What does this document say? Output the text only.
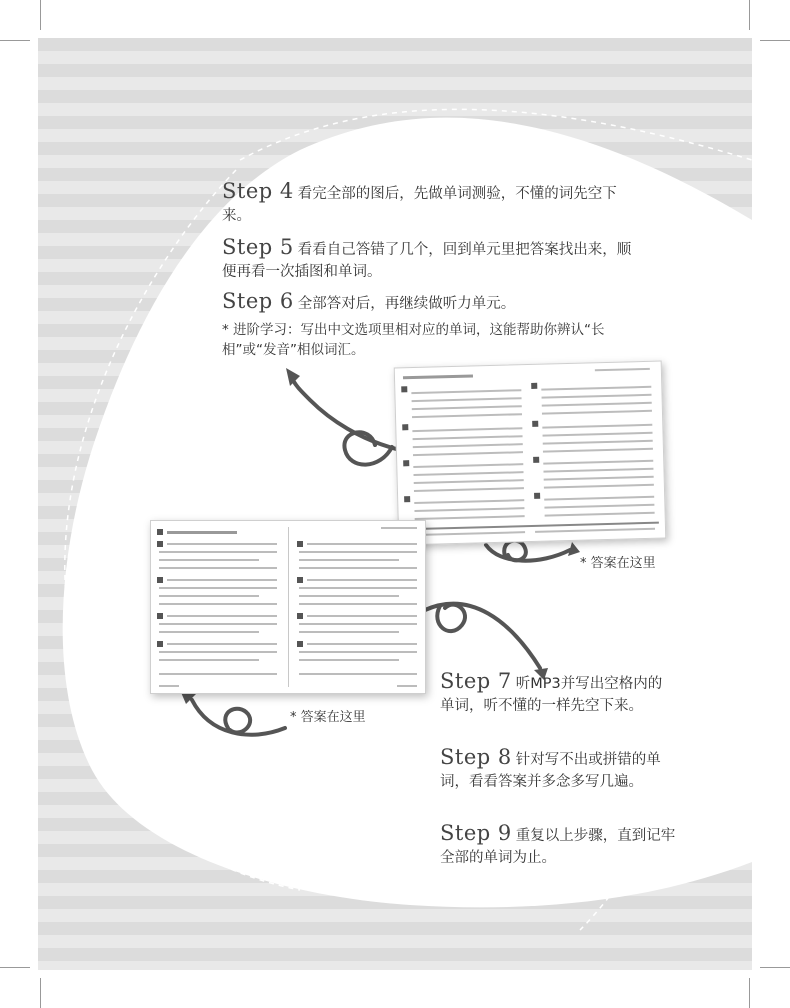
Step 4 看完全部的图后，先做单词测验，不懂的词先空下来。
Step 5 看看自己答错了几个，回到单元里把答案找出来，顺便再看一次插图和单词。
Step 6 全部答对后，再继续做听力单元。
* 进阶学习：写出中文选项里相对应的单词，这能帮助你辨认“长相”或“发音”相似词汇。
* 答案在这里
* 答案在这里
Step 7 听MP3并写出空格内的单词，听不懂的一样先空下来。
Step 8 针对写不出或拼错的单词，看看答案并多念多写几遍。
Step 9 重复以上步骤，直到记牢全部的单词为止。
